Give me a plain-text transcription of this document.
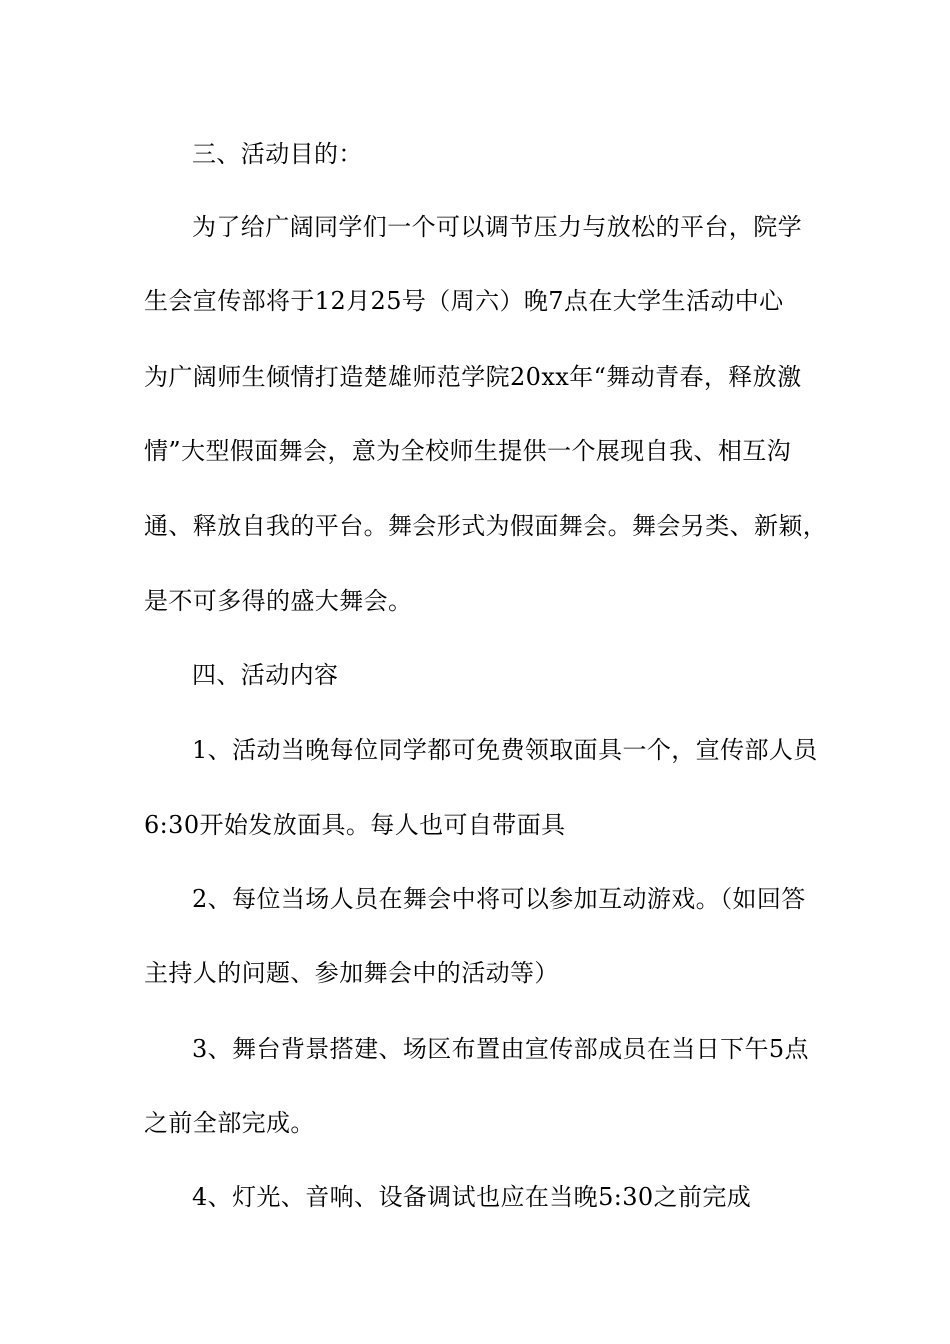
三、活动目的：
为了给广阔同学们一个可以调节压力与放松的平台，院学
生会宣传部将于12月25号（周六）晚7点在大学生活动中心
为广阔师生倾情打造楚雄师范学院20xx年“舞动青春，释放激
情”大型假面舞会，意为全校师生提供一个展现自我、相互沟
通、释放自我的平台。舞会形式为假面舞会。舞会另类、新颖，
是不可多得的盛大舞会。
四、活动内容
1、活动当晚每位同学都可免费领取面具一个，宣传部人员
6:30开始发放面具。每人也可自带面具
2、每位当场人员在舞会中将可以参加互动游戏。（如回答
主持人的问题、参加舞会中的活动等）
3、舞台背景搭建、场区布置由宣传部成员在当日下午5点
之前全部完成。
4、灯光、音响、设备调试也应在当晚5:30之前完成
